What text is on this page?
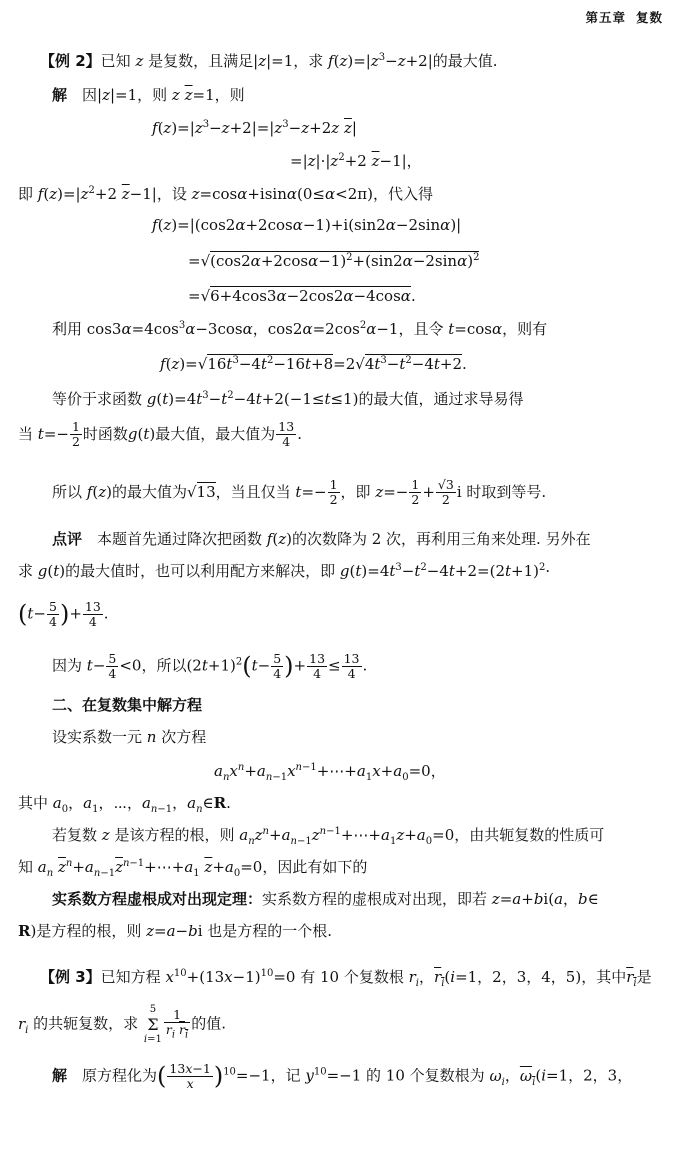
第五章 复数
【例 2】已知 z 是复数，且满足|z|=1，求 $f(z)=|z^3-z+2|$的最大值.
解　因|z|=1，则 z $\overline{z}=1$，则
$f(z)=|z^3-z+2|=|z^3-z+2z$ $\overline{z}|$
$=|z|\cdot|z^2+2$ $\overline{z}-1|$，
即 $f(z)=|z^2+2$ $\overline{z}-1|$，设 z=cosα+isinα(0≤α<2π)，代入得
f(z)=|(cos2α+2cosα−1)+i(sin2α−2sinα)|
$=√(\cos 2\alpha+2\cos\alpha-1)^2+(\sin 2\alpha-2\sin\alpha)^2$
=√6+4cos3α−2cos2α−4cosα.
利用 $\cos 3\alpha=4\cos^3\alpha-3\cos\alpha$，$\cos 2\alpha=2\cos^2\alpha-1$，且令 t=cosα，则有
$f(z)=√16t^3-4t^2-16t+8=2√4t^3-t^2-4t+2$.
等价于求函数 $g(t)=4t^3-t^2-4t+2(-1\le t\le 1)$的最大值，通过求导易得
当 $t=- \frac{1}{2}$ 时函数g(t)最大值，最大值为 $\frac{13}{4}$ .
所以 f(z)的最大值为√13，当且仅当 $t=- \frac{1}{2}$ ，即 $z=- \frac{1}{2} + \frac{√3}{2}$ i 时取到等号.
点评　本题首先通过降次把函数 f(z)的次数降为 2 次，再利用三角来处理. 另外在
求 g(t)的最大值时，也可以利用配方来解决，即 $g(t)=4t^3-t^2-4t+2=(2t+1)^2\cdot$
($t- \frac{5}{4}$ )+ $\frac{13}{4}$ .
因为 $t- \frac{5}{4} <0$，所以$(2t+1)^2(t- \frac{5}{4}$ )+ $\frac{13}{4} \le \frac{13}{4}$ .
二、在复数集中解方程
设实系数一元 n 次方程
$a_nx^n+a_{n-1}x^{n-1}+\cdots+a_1x+a_0=0$，
其中 $a_0$，$a_1$，⋯，$a_{n-1}$，$a_n\in R$.
若复数 z 是该方程的根，则 $a_nz^n+a_{n-1}z^{n-1}+\cdots+a_1z+a_0=0$，由共轭复数的性质可
知 $a_n$ $\overline{z}^n+a_{n-1}\overline{z}^{n-1}+\cdots+a_1$ $\overline{z}+a_0=0$，因此有如下的
实系数方程虚根成对出现定理：实系数方程的虚根成对出现，即若 z=a+bi(a，b∈
R)是方程的根，则 z=a−bi 也是方程的一个根.
【例 3】已知方程 $x^{10}+(13x-1)^{10}=0$ 有 10 个复数根 $r_i$，$r_i(i=1$，2，3，4，5)，其中$r_i$是
$r_i$ 的共轭复数，求
5
Σ
$i=1 \frac{1}{r_i r_i}$ 的值.
解　原方程化为( $\frac{13x-1}{x} )^{10}=-1$，记 $y^{10}=-1$ 的 10 个复数根为 $\omega_i$，$\omega_i(i=1$，2，3，
